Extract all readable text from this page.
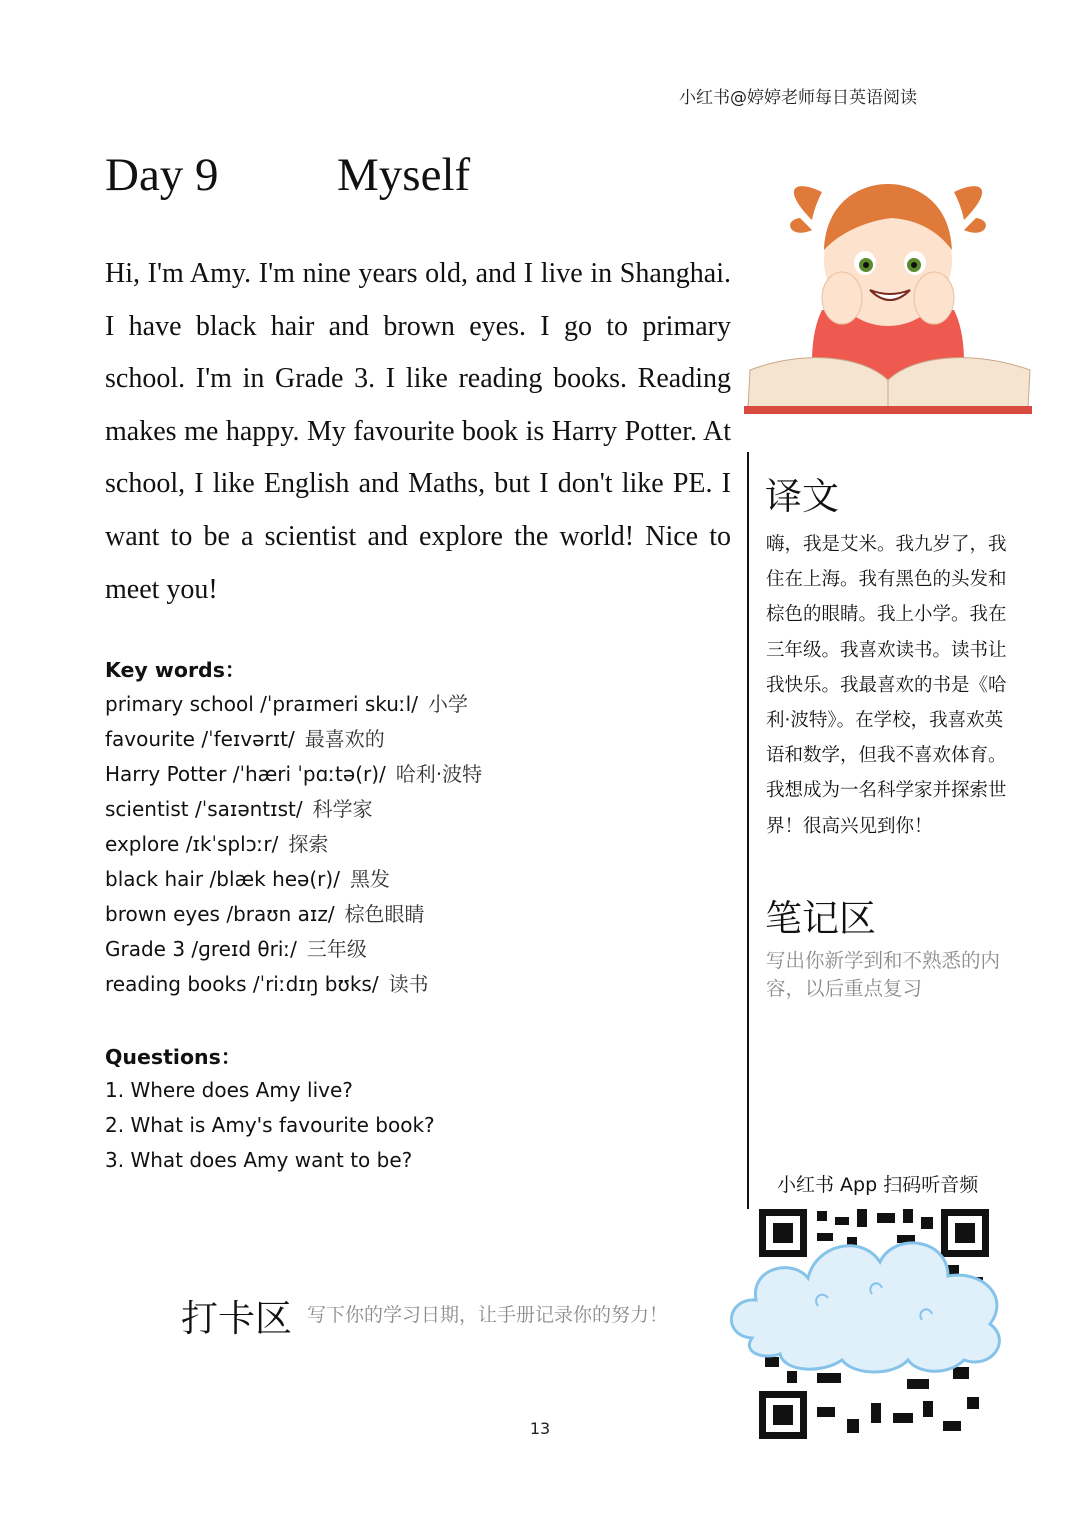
小红书@婷婷老师每日英语阅读
Day 9	Myself
Hi, I'm Amy. I'm nine years old, and I live in Shanghai. I have black hair and brown eyes. I go to primary school. I'm in Grade 3. I like reading books. Reading makes me happy. My favourite book is Harry Potter. At school, I like English and Maths, but I don't like PE. I want to be a scientist and explore the world! Nice to meet you!
Key words：
primary school /ˈpraɪmeri skuːl/ 小学
favourite /ˈfeɪvərɪt/ 最喜欢的
Harry Potter /ˈhæri ˈpɑːtə(r)/ 哈利·波特
scientist /ˈsaɪəntɪst/ 科学家
explore /ɪkˈsplɔːr/ 探索
black hair /blæk heə(r)/ 黑发
brown eyes /braʊn aɪz/ 棕色眼睛
Grade 3 /ɡreɪd θriː/ 三年级
reading books /ˈriːdɪŋ bʊks/ 读书
Questions：
1. Where does Amy live?
2. What is Amy's favourite book?
3. What does Amy want to be?
译文
嗨，我是艾米。我九岁了，我住在上海。我有黑色的头发和棕色的眼睛。我上小学。我在三年级。我喜欢读书。读书让我快乐。我最喜欢的书是《哈利·波特》。在学校，我喜欢英语和数学，但我不喜欢体育。我想成为一名科学家并探索世界！很高兴见到你！
笔记区
写出你新学到和不熟悉的内容，以后重点复习
小红书 App 扫码听音频
打卡区 写下你的学习日期，让手册记录你的努力！
13
